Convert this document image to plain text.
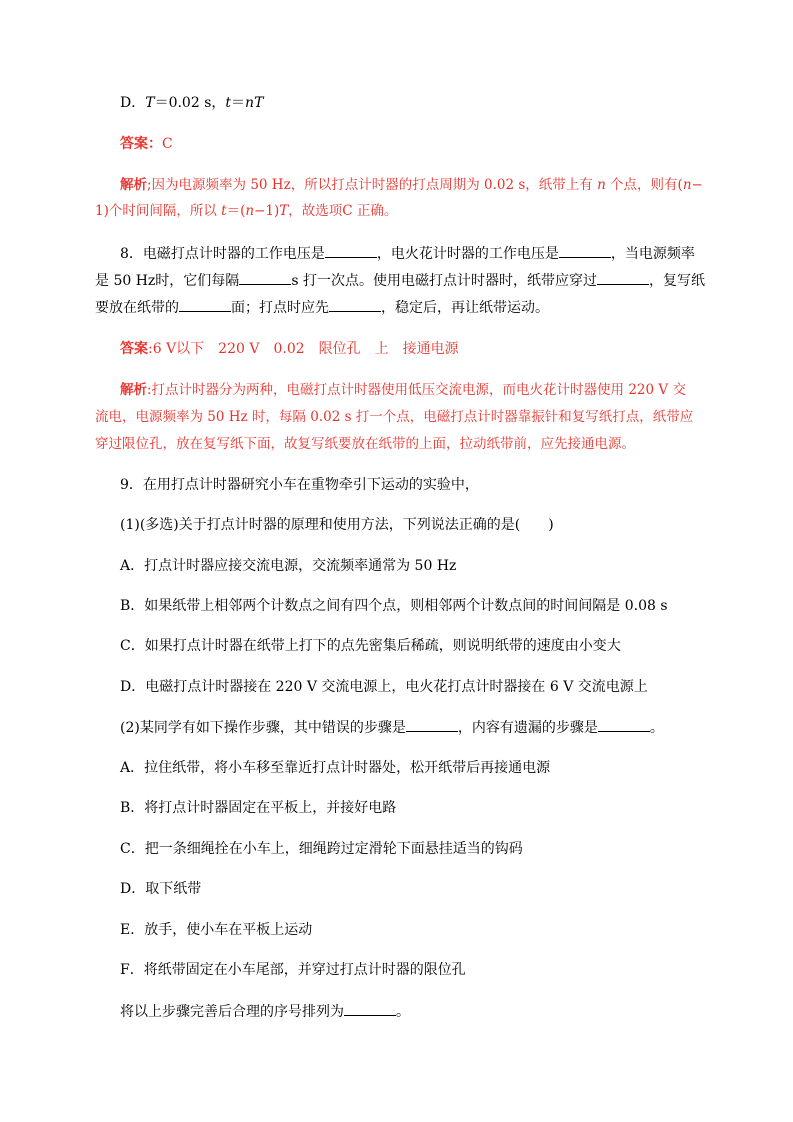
D．T＝0.02 s，t＝nT
答案：C
解析;因为电源频率为 50 Hz，所以打点计时器的打点周期为 0.02 s，纸带上有 n 个点，则有(n−
1)个时间间隔，所以 t＝(n−1)T，故选项C 正确。
8．电磁打点计时器的工作电压是	，电火花计时器的工作电压是	，当电源频率
是 50 Hz时，它们每隔	s 打一次点。使用电磁打点计时器时，纸带应穿过	，复写纸
要放在纸带的	面；打点时应先	，稳定后，再让纸带运动。
答案:6 V以下　220 V　0.02　限位孔　上　接通电源
解析:打点计时器分为两种，电磁打点计时器使用低压交流电源，而电火花计时器使用 220 V 交
流电，电源频率为 50 Hz 时，每隔 0.02 s 打一个点，电磁打点计时器靠振针和复写纸打点，纸带应
穿过限位孔，放在复写纸下面，故复写纸要放在纸带的上面，拉动纸带前，应先接通电源。
9．在用打点计时器研究小车在重物牵引下运动的实验中，
(1)(多选)关于打点计时器的原理和使用方法，下列说法正确的是(　　)
A．打点计时器应接交流电源，交流频率通常为 50 Hz
B．如果纸带上相邻两个计数点之间有四个点，则相邻两个计数点间的时间间隔是 0.08 s
C．如果打点计时器在纸带上打下的点先密集后稀疏，则说明纸带的速度由小变大
D．电磁打点计时器接在 220 V 交流电源上，电火花打点计时器接在 6 V 交流电源上
(2)某同学有如下操作步骤，其中错误的步骤是	，内容有遗漏的步骤是	。
A．拉住纸带，将小车移至靠近打点计时器处，松开纸带后再接通电源
B．将打点计时器固定在平板上，并接好电路
C．把一条细绳拴在小车上，细绳跨过定滑轮下面悬挂适当的钩码
D．取下纸带
E．放手，使小车在平板上运动
F．将纸带固定在小车尾部，并穿过打点计时器的限位孔
将以上步骤完善后合理的序号排列为	。
